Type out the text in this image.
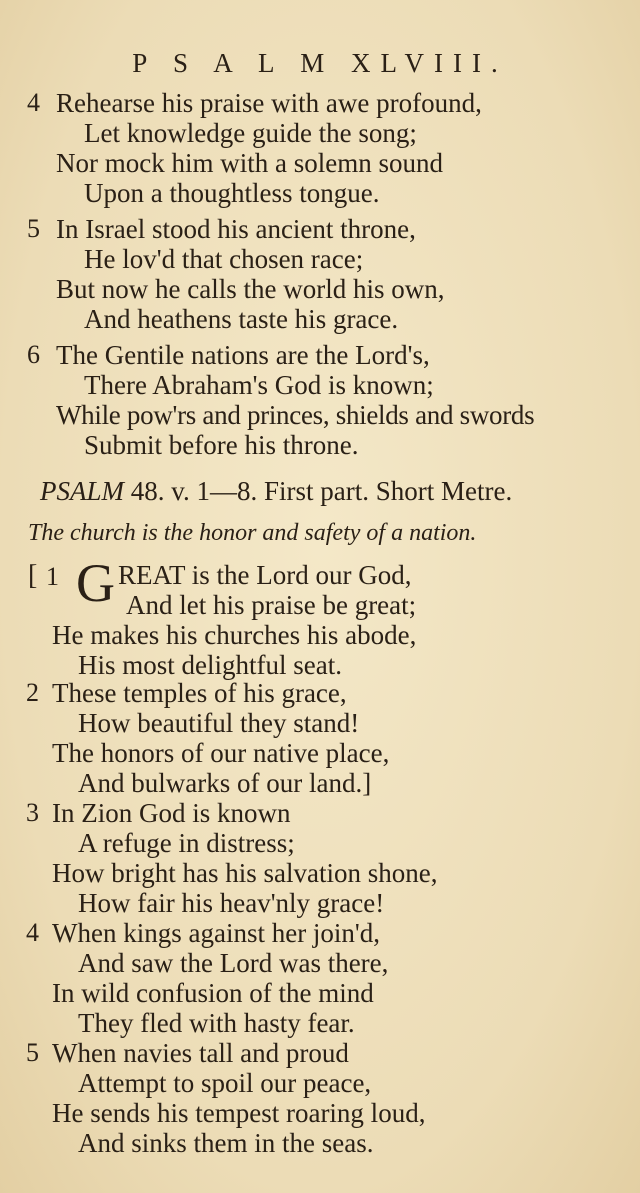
P S A L M XLVIII.
4 Rehearse his praise with awe profound,
Let knowledge guide the song;
Nor mock him with a solemn sound
Upon a thoughtless tongue.
5 In Israel stood his ancient throne,
He lov'd that chosen race;
But now he calls the world his own,
And heathens taste his grace.
6 The Gentile nations are the Lord's,
There Abraham's God is known;
While pow'rs and princes, shields and swords
Submit before his throne.
PSALM 48. v. 1—8. First part. Short Metre.
The church is the honor and safety of a nation.
[ 1 G REAT is the Lord our God,
And let his praise be great;
He makes his churches his abode,
His most delightful seat.
2 These temples of his grace,
How beautiful they stand!
The honors of our native place,
And bulwarks of our land.]
3 In Zion God is known
A refuge in distress;
How bright has his salvation shone,
How fair his heav'nly grace!
4 When kings against her join'd,
And saw the Lord was there,
In wild confusion of the mind
They fled with hasty fear.
5 When navies tall and proud
Attempt to spoil our peace,
He sends his tempest roaring loud,
And sinks them in the seas.
